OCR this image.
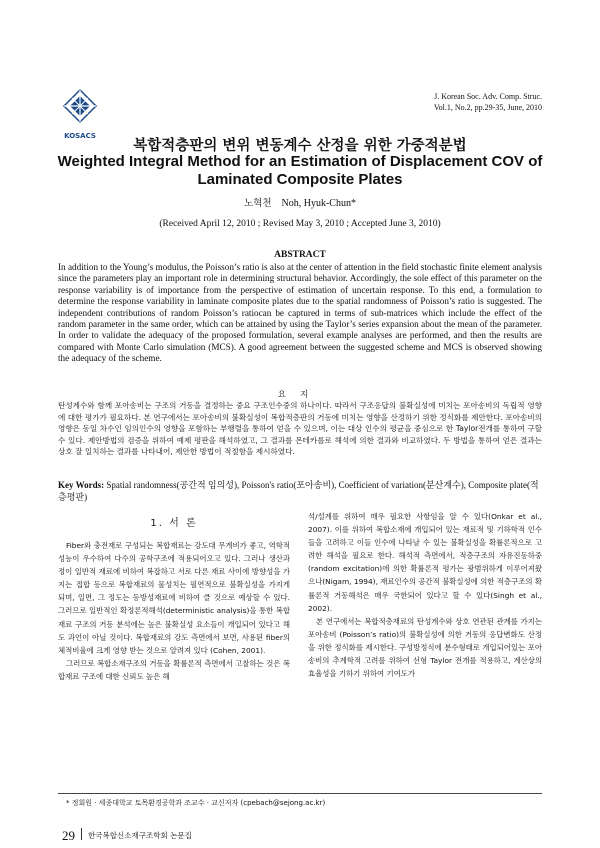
KOSACS
J. Korean Soc. Adv. Comp. Struc.
Vol.1, No.2, pp.29-35, June, 2010
복합적층판의 변위 변동계수 산정을 위한 가중적분법
Weighted Integral Method for an Estimation of Displacement COV of
Laminated Composite Plates
노혁천 Noh, Hyuk-Chun*
(Received April 12, 2010 ; Revised May 3, 2010 ; Accepted June 3, 2010)
ABSTRACT
In addition to the Young’s modulus, the Poisson’s ratio is also at the center of attention in the field stochastic finite element analysis since the parameters play an important role in determining structural behavior. Accordingly, the sole effect of this parameter on the response variability is of importance from the perspective of estimation of uncertain response. To this end, a formulation to determine the response variability in laminate composite plates due to the spatial randomness of Poisson’s ratio is suggested. The independent contributions of random Poisson’s ratiocan be captured in terms of sub-matrices which include the effect of the random parameter in the same order, which can be attained by using the Taylor’s series expansion about the mean of the parameter. In order to validate the adequacy of the proposed formulation, several example analyses are performed, and then the results are compared with Monte Carlo simulation (MCS). A good agreement between the suggested scheme and MCS is observed showing the adequacy of the scheme.
요지
탄성계수와 함께 포아송비는 구조의 거동을 결정하는 중요 구조인수중의 하나이다. 따라서 구조응답의 불확실성에 미치는 포아송비의 독립적 영향에 대한 평가가 필요하다. 본 연구에서는 포아송비의 불확실성이 복합적층판의 거동에 미치는 영향을 산정하기 위한 정식화를 제안한다. 포아송비의 영향은 동일 차수인 임의인수의 영향을 포함하는 부행렬을 통하여 얻을 수 있으며, 이는 대상 인수의 평균을 중심으로 한 Taylor전개를 통하여 구할 수 있다. 제안방법의 검증을 위하여 예제 평판을 해석하였고, 그 결과를 몬테카를로 해석에 의한 결과와 비교하였다. 두 방법을 통하여 얻은 결과는 상호 잘 일치하는 결과를 나타내어, 제안한 방법이 적절함을 제시하였다.
Key Words: Spatial randomness(공간적 임의성), Poisson's ratio(포아송비), Coefficient of variation(분산계수), Composite plate(적층평판)
1. 서 론

Fiber와 충전재로 구성되는 복합재료는 강도대 무게비가 좋고, 역학적 성능이 우수하여 다수의 공학구조에 적용되어오고 있다. 그러나 생산과정이 일반적 재료에 비하여 복잡하고 서로 다른 재료 사이에 방향성을 가지는 접합 등으로 복합재료의 물성치는 필연적으로 불확실성을 가지게 되며, 일면, 그 정도는 등방성재료에 비하여 클 것으로 예상할 수 있다. 그러므로 일반적인 확정론적해석(deterministic analysis)을 통한 복합재료 구조의 거동 분석에는 높은 불확실성 요소들이 개입되어 있다고 해도 과언이 아닐 것이다. 복합재료의 강도 측면에서 보면, 사용된 fiber의 체적비율에 크게 영향 받는 것으로 알려져 있다 (Cohen, 2001).

그러므로 복합소재구조의 거동을 확률론적 측면에서 고찰하는 것은 복합재료 구조에 대한 신뢰도 높은 해

석/설계를 위하여 매우 필요한 사항임을 알 수 있다(Onkar et al., 2007). 이를 위하여 복합소재에 개입되어 있는 재료적 및 기하학적 인수들을 고려하고 이들 인수에 나타날 수 있는 불확실성을 확률론적으로 고려한 해석을 필요로 한다. 해석적 측면에서, 적층구조의 자유진동하중(random excitation)에 의한 확률론적 평가는 광범위하게 이루어져왔으나(Nigam, 1994), 재료인수의 공간적 불확실성에 의한 적층구조의 확률론적 거동해석은 매우 국한되어 있다고 할 수 있다(Singh et al., 2002).

본 연구에서는 복합적층재료의 탄성계수와 상호 연관된 관계를 가지는 포아송비 (Poisson’s ratio)의 불확실성에 의한 거동의 응답변화도 산정을 위한 정식화를 제시한다. 구성방정식에 분수형태로 개입되어있는 포아송비의 추계학적 고려를 위하여 선형 Taylor 전개를 적용하고, 계산상의 효율성을 기하기 위하여 기여도가

* 정회원 · 세종대학교 토목환경공학과 조교수 · 교신저자 (cpebach@sejong.ac.kr)
29 한국복합신소재구조학회 논문집
